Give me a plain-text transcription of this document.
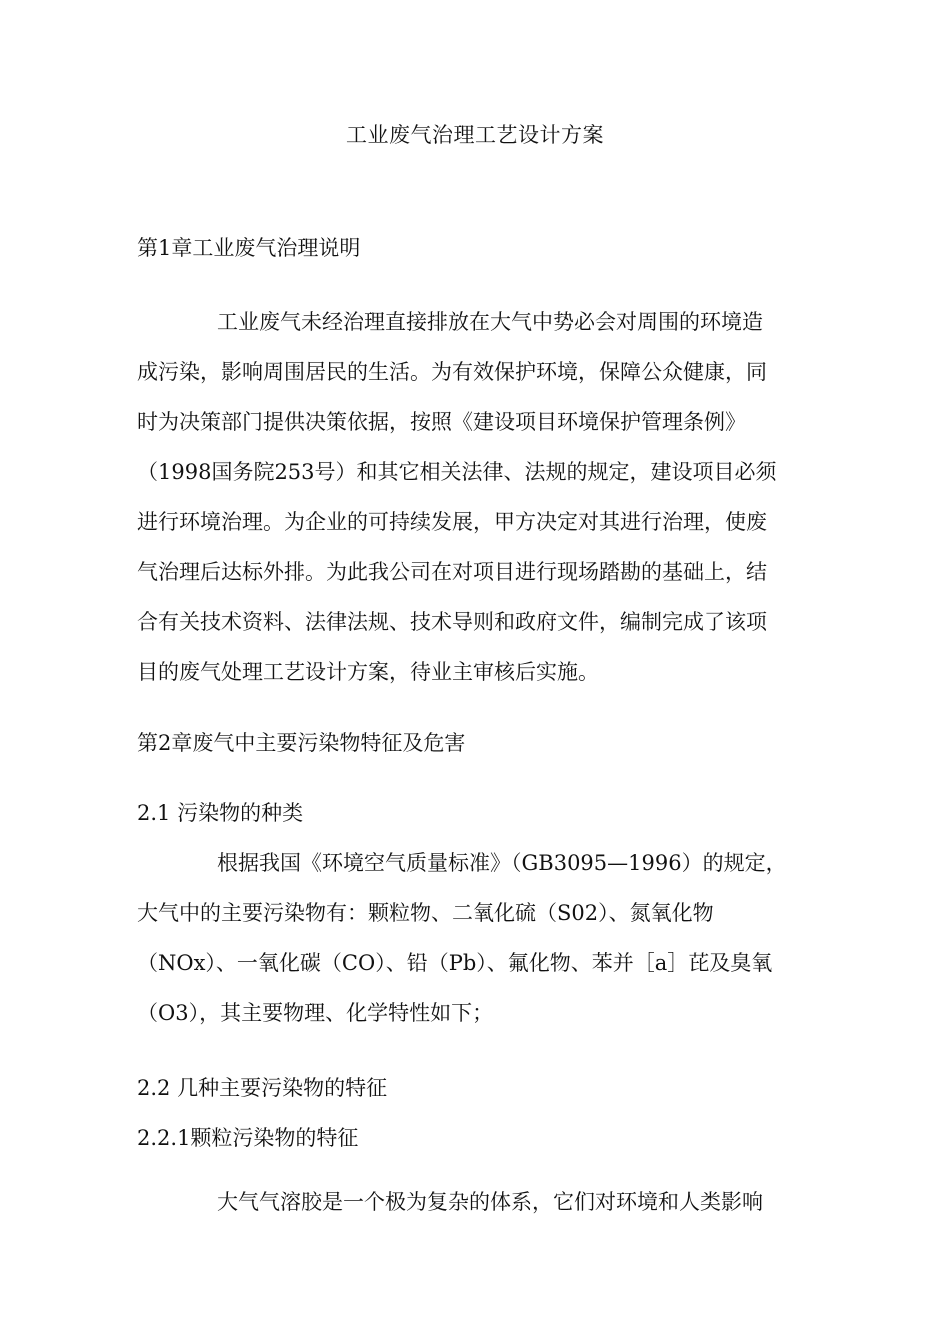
工业废气治理工艺设计方案
第1章工业废气治理说明
工业废气未经治理直接排放在大气中势必会对周围的环境造
成污染，影响周围居民的生活。为有效保护环境，保障公众健康，同
时为决策部门提供决策依据，按照《建设项目环境保护管理条例》
（1998国务院253号）和其它相关法律、法规的规定，建设项目必须
进行环境治理。为企业的可持续发展，甲方决定对其进行治理，使废
气治理后达标外排。为此我公司在对项目进行现场踏勘的基础上，结
合有关技术资料、法律法规、技术导则和政府文件，编制完成了该项
目的废气处理工艺设计方案，待业主审核后实施。
第2章废气中主要污染物特征及危害
2.1 污染物的种类
根据我国《环境空气质量标准》（GB3095—1996）的规定，
大气中的主要污染物有：颗粒物、二氧化硫（S02）、氮氧化物
（NOx）、一氧化碳（CO）、铅（Pb）、氟化物、苯并［a］芘及臭氧
（O3），其主要物理、化学特性如下；
2.2 几种主要污染物的特征
2.2.1颗粒污染物的特征
大气气溶胶是一个极为复杂的体系，它们对环境和人类影响
